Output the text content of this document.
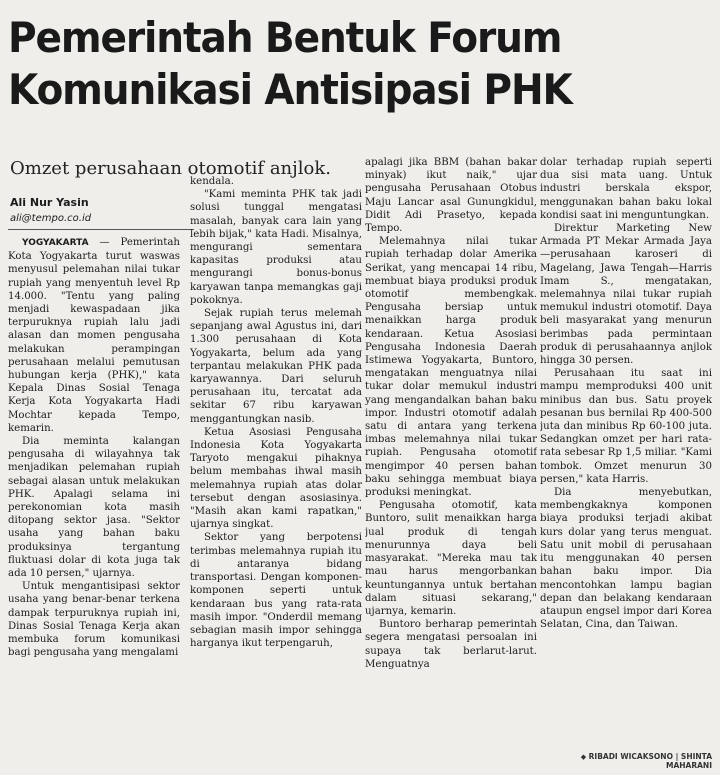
Pemerintah Bentuk Forum
Komunikasi Antisipasi PHK
Omzet perusahaan otomotif anjlok.
Ali Nur Yasin
ali@tempo.co.id

YOGYAKARTA — Pemerintah Kota Yogyakarta turut waswas menyusul pelemahan nilai tukar rupiah yang menyentuh level Rp 14.000. "Tentu yang paling menjadi kewaspadaan jika terpuruknya rupiah lalu jadi alasan dan momen pengusaha melakukan perampingan perusahaan melalui pemutusan hubungan kerja (PHK)," kata Kepala Dinas Sosial Tenaga Kerja Kota Yogyakarta Hadi Mochtar kepada Tempo, kemarin.

Dia meminta kalangan pengusaha di wilayahnya tak menjadikan pelemahan rupiah sebagai alasan untuk melakukan PHK. Apalagi selama ini perekonomian kota masih ditopang sektor jasa. "Sektor usaha yang bahan baku produksinya tergantung fluktuasi dolar di kota juga tak ada 10 persen," ujarnya.

Untuk mengantisipasi sektor usaha yang benar-benar terkena dampak terpuruknya rupiah ini, Dinas Sosial Tenaga Kerja akan membuka forum komunikasi bagi pengusaha yang mengalami

kendala.

"Kami meminta PHK tak jadi solusi tunggal mengatasi masalah, banyak cara lain yang lebih bijak," kata Hadi. Misalnya, mengurangi sementara kapasitas produksi atau mengurangi bonus-bonus karyawan tanpa memangkas gaji pokoknya.

Sejak rupiah terus melemah sepanjang awal Agustus ini, dari 1.300 perusahaan di Kota Yogyakarta, belum ada yang terpantau melakukan PHK pada karyawannya. Dari seluruh perusahaan itu, tercatat ada sekitar 67 ribu karyawan menggantungkan nasib.

Ketua Asosiasi Pengusaha Indonesia Kota Yogyakarta Taryoto mengakui pihaknya belum membahas ihwal masih melemahnya rupiah atas dolar tersebut dengan asosiasinya. "Masih akan kami rapatkan," ujarnya singkat.

Sektor yang berpotensi terimbas melemahnya rupiah itu di antaranya bidang transportasi. Dengan komponen-komponen seperti untuk kendaraan bus yang rata-rata masih impor. "Onderdil memang sebagian masih impor sehingga harganya ikut terpengaruh,

apalagi jika BBM (bahan bakar minyak) ikut naik," ujar pengusaha Perusahaan Otobus Maju Lancar asal Gunungkidul, Didit Adi Prasetyo, kepada Tempo.

Melemahnya nilai tukar rupiah terhadap dolar Amerika Serikat, yang mencapai 14 ribu, membuat biaya produksi produk otomotif membengkak. Pengusaha bersiap untuk menaikkan harga produk kendaraan. Ketua Asosiasi Pengusaha Indonesia Daerah Istimewa Yogyakarta, Buntoro, mengatakan menguatnya nilai tukar dolar memukul industri yang mengandalkan bahan baku impor. Industri otomotif adalah satu di antara yang terkena imbas melemahnya nilai tukar rupiah. Pengusaha otomotif mengimpor 40 persen bahan baku sehingga membuat biaya produksi meningkat.

Pengusaha otomotif, kata Buntoro, sulit menaikkan harga jual produk di tengah menurunnya daya beli masyarakat. "Mereka mau tak mau harus mengorbankan keuntungannya untuk bertahan dalam situasi sekarang," ujarnya, kemarin.

Buntoro berharap pemerintah segera mengatasi persoalan ini supaya tak berlarut-larut. Menguatnya

dolar terhadap rupiah seperti dua sisi mata uang. Untuk industri berskala ekspor, menggunakan bahan baku lokal kondisi saat ini menguntungkan.

Direktur Marketing New Armada PT Mekar Armada Jaya—perusahaan karoseri di Magelang, Jawa Tengah—Harris Imam S., mengatakan, melemahnya nilai tukar rupiah memukul industri otomotif. Daya beli masyarakat yang menurun berimbas pada permintaan produk di perusahaannya anjlok hingga 30 persen.

Perusahaan itu saat ini mampu memproduksi 400 unit minibus dan bus. Satu proyek pesanan bus bernilai Rp 400-500 juta dan minibus Rp 60-100 juta. Sedangkan omzet per hari rata-rata sebesar Rp 1,5 miliar. "Kami tombok. Omzet menurun 30 persen," kata Harris.

Dia menyebutkan, membengkaknya komponen biaya produksi terjadi akibat kurs dolar yang terus menguat. Satu unit mobil di perusahaan itu menggunakan 40 persen bahan baku impor. Dia mencontohkan lampu bagian depan dan belakang kendaraan ataupun engsel impor dari Korea Selatan, Cina, dan Taiwan.

◆ RIBADI WICAKSONO | SHINTA MAHARANI
